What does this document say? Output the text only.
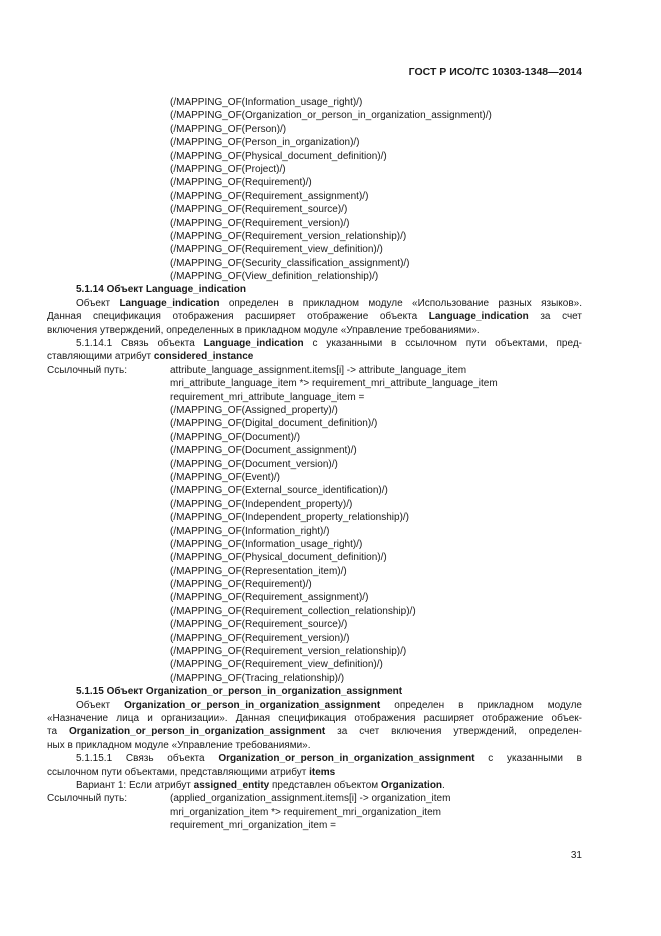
ГОСТ Р ИСО/ТС 10303-1348—2014
(/MAPPING_OF(Information_usage_right)/)
(/MAPPING_OF(Organization_or_person_in_organization_assignment)/)
(/MAPPING_OF(Person)/)
(/MAPPING_OF(Person_in_organization)/)
(/MAPPING_OF(Physical_document_definition)/)
(/MAPPING_OF(Project)/)
(/MAPPING_OF(Requirement)/)
(/MAPPING_OF(Requirement_assignment)/)
(/MAPPING_OF(Requirement_source)/)
(/MAPPING_OF(Requirement_version)/)
(/MAPPING_OF(Requirement_version_relationship)/)
(/MAPPING_OF(Requirement_view_definition)/)
(/MAPPING_OF(Security_classification_assignment)/)
(/MAPPING_OF(View_definition_relationship)/)
5.1.14 Объект Language_indication
Объект Language_indication определен в прикладном модуле «Использование разных языков».
Данная спецификация отображения расширяет отображение объекта Language_indication за счет
включения утверждений, определенных в прикладном модуле «Управление требованиями».
5.1.14.1 Связь объекта Language_indication с указанными в ссылочном пути объектами, пред-
ставляющими атрибут considered_instance
Ссылочный путь:	attribute_language_assignment.items[i] -> attribute_language_item
mri_attribute_language_item *> requirement_mri_attribute_language_item
requirement_mri_attribute_language_item =
(/MAPPING_OF(Assigned_property)/)
(/MAPPING_OF(Digital_document_definition)/)
(/MAPPING_OF(Document)/)
(/MAPPING_OF(Document_assignment)/)
(/MAPPING_OF(Document_version)/)
(/MAPPING_OF(Event)/)
(/MAPPING_OF(External_source_identification)/)
(/MAPPING_OF(Independent_property)/)
(/MAPPING_OF(Independent_property_relationship)/)
(/MAPPING_OF(Information_right)/)
(/MAPPING_OF(Information_usage_right)/)
(/MAPPING_OF(Physical_document_definition)/)
(/MAPPING_OF(Representation_item)/)
(/MAPPING_OF(Requirement)/)
(/MAPPING_OF(Requirement_assignment)/)
(/MAPPING_OF(Requirement_collection_relationship)/)
(/MAPPING_OF(Requirement_source)/)
(/MAPPING_OF(Requirement_version)/)
(/MAPPING_OF(Requirement_version_relationship)/)
(/MAPPING_OF(Requirement_view_definition)/)
(/MAPPING_OF(Tracing_relationship)/)
5.1.15 Объект Organization_or_person_in_organization_assignment
Объект Organization_or_person_in_organization_assignment определен в прикладном модуле
«Назначение лица и организации». Данная спецификация отображения расширяет отображение объек-
та Organization_or_person_in_organization_assignment за счет включения утверждений, определен-
ных в прикладном модуле «Управление требованиями».
5.1.15.1 Связь объекта Organization_or_person_in_organization_assignment с указанными в
ссылочном пути объектами, представляющими атрибут items
Вариант 1: Если атрибут assigned_entity представлен объектом Organization.
Ссылочный путь:	(applied_organization_assignment.items[i] -> organization_item
mri_organization_item *> requirement_mri_organization_item
requirement_mri_organization_item =
31
